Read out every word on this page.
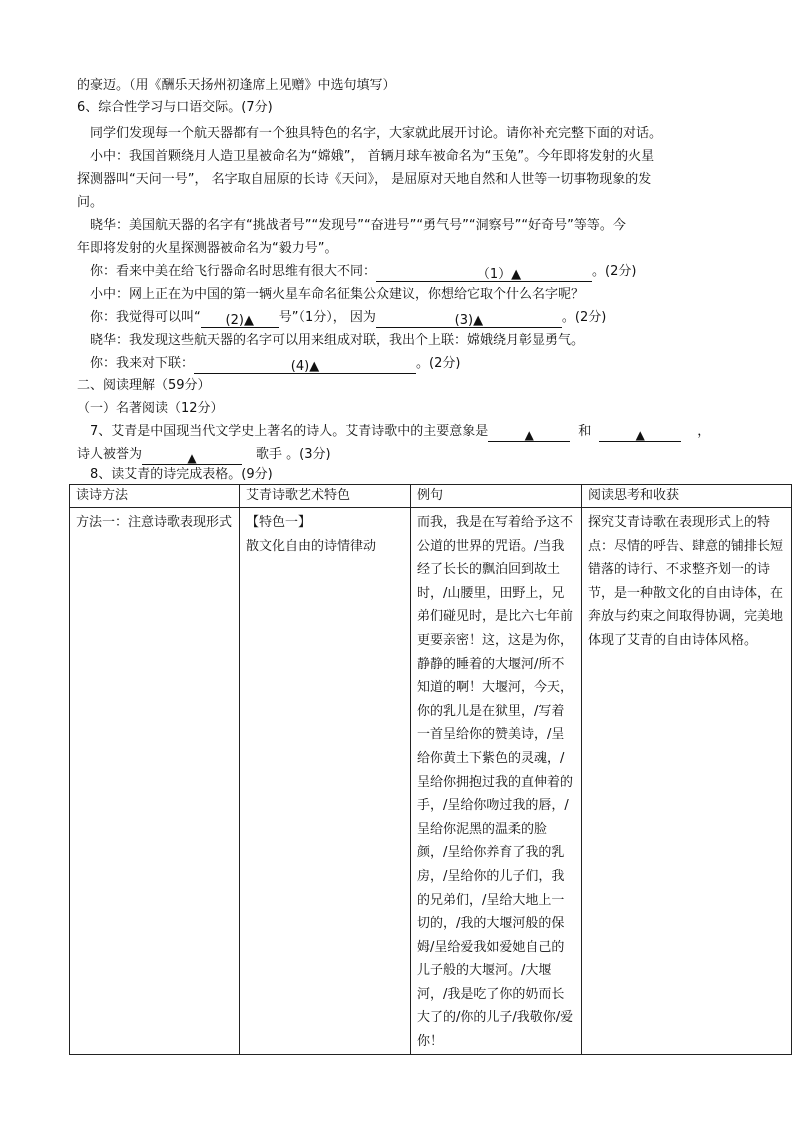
的豪迈。（用《酬乐天扬州初逢席上见赠》中选句填写）
6、综合性学习与口语交际。(7分)
同学们发现每一个航天器都有一个独具特色的名字，大家就此展开讨论。请你补充完整下面的对话。
小中：我国首颗绕月人造卫星被命名为“嫦娥”， 首辆月球车被命名为“玉兔”。今年即将发射的火星
探测器叫“天问一号”， 名字取自屈原的长诗《天问》， 是屈原对天地自然和人世等一切事物现象的发
问。
晓华：美国航天器的名字有“挑战者号”“发现号”“奋进号”“勇气号”“洞察号”“好奇号”等等。今
年即将发射的火星探测器被命名为“毅力号”。
你：看来中美在给飞行器命名时思维有很大不同：	（1）▲	。(2分)
小中：网上正在为中国的第一辆火星车命名征集公众建议，你想给它取个什么名字呢？
你：我觉得可以叫“ (2)▲ 号”（1分）， 因为	(3)▲	。(2分)
晓华：我发现这些航天器的名字可以用来组成对联，我出个上联：嫦娥绕月彰显勇气。
你：我来对下联：	(4)▲	。(2分)
二、阅读理解（59分）
（一）名著阅读（12分）
7、艾青是中国现当代文学史上著名的诗人。艾青诗歌中的主要意象是	▲	和	▲	，
诗人被誉为	▲	歌手 。(3分)
8、读艾青的诗完成表格。(9分)
读诗方法	艾青诗歌艺术特色	例句	阅读思考和收获

方法一：注意诗歌表现形式	【特色一】
散文化自由的诗情律动	而我，我是在写着给予这不公道的世界的咒语。/当我经了长长的飘泊回到故土时，/山腰里，田野上，兄弟们碰见时，是比六七年前更要亲密！这，这是为你，静静的睡着的大堰河/所不知道的啊！大堰河，今天，你的乳儿是在狱里，/写着一首呈给你的赞美诗，/呈给你黄土下紫色的灵魂，/呈给你拥抱过我的直伸着的手，/呈给你吻过我的唇，/呈给你泥黑的温柔的脸颜，/呈给你养育了我的乳房，/呈给你的儿子们，我的兄弟们，/呈给大地上一切的，/我的大堰河般的保姆/呈给爱我如爱她自己的儿子般的大堰河。/大堰河，/我是吃了你的奶而长大了的/你的儿子/我敬你/爱你！	探究艾青诗歌在表现形式上的特点：尽情的呼告、肆意的铺排长短错落的诗行、不求整齐划一的诗节，是一种散文化的自由诗体，在奔放与约束之间取得协调，完美地体现了艾青的自由诗体风格。
